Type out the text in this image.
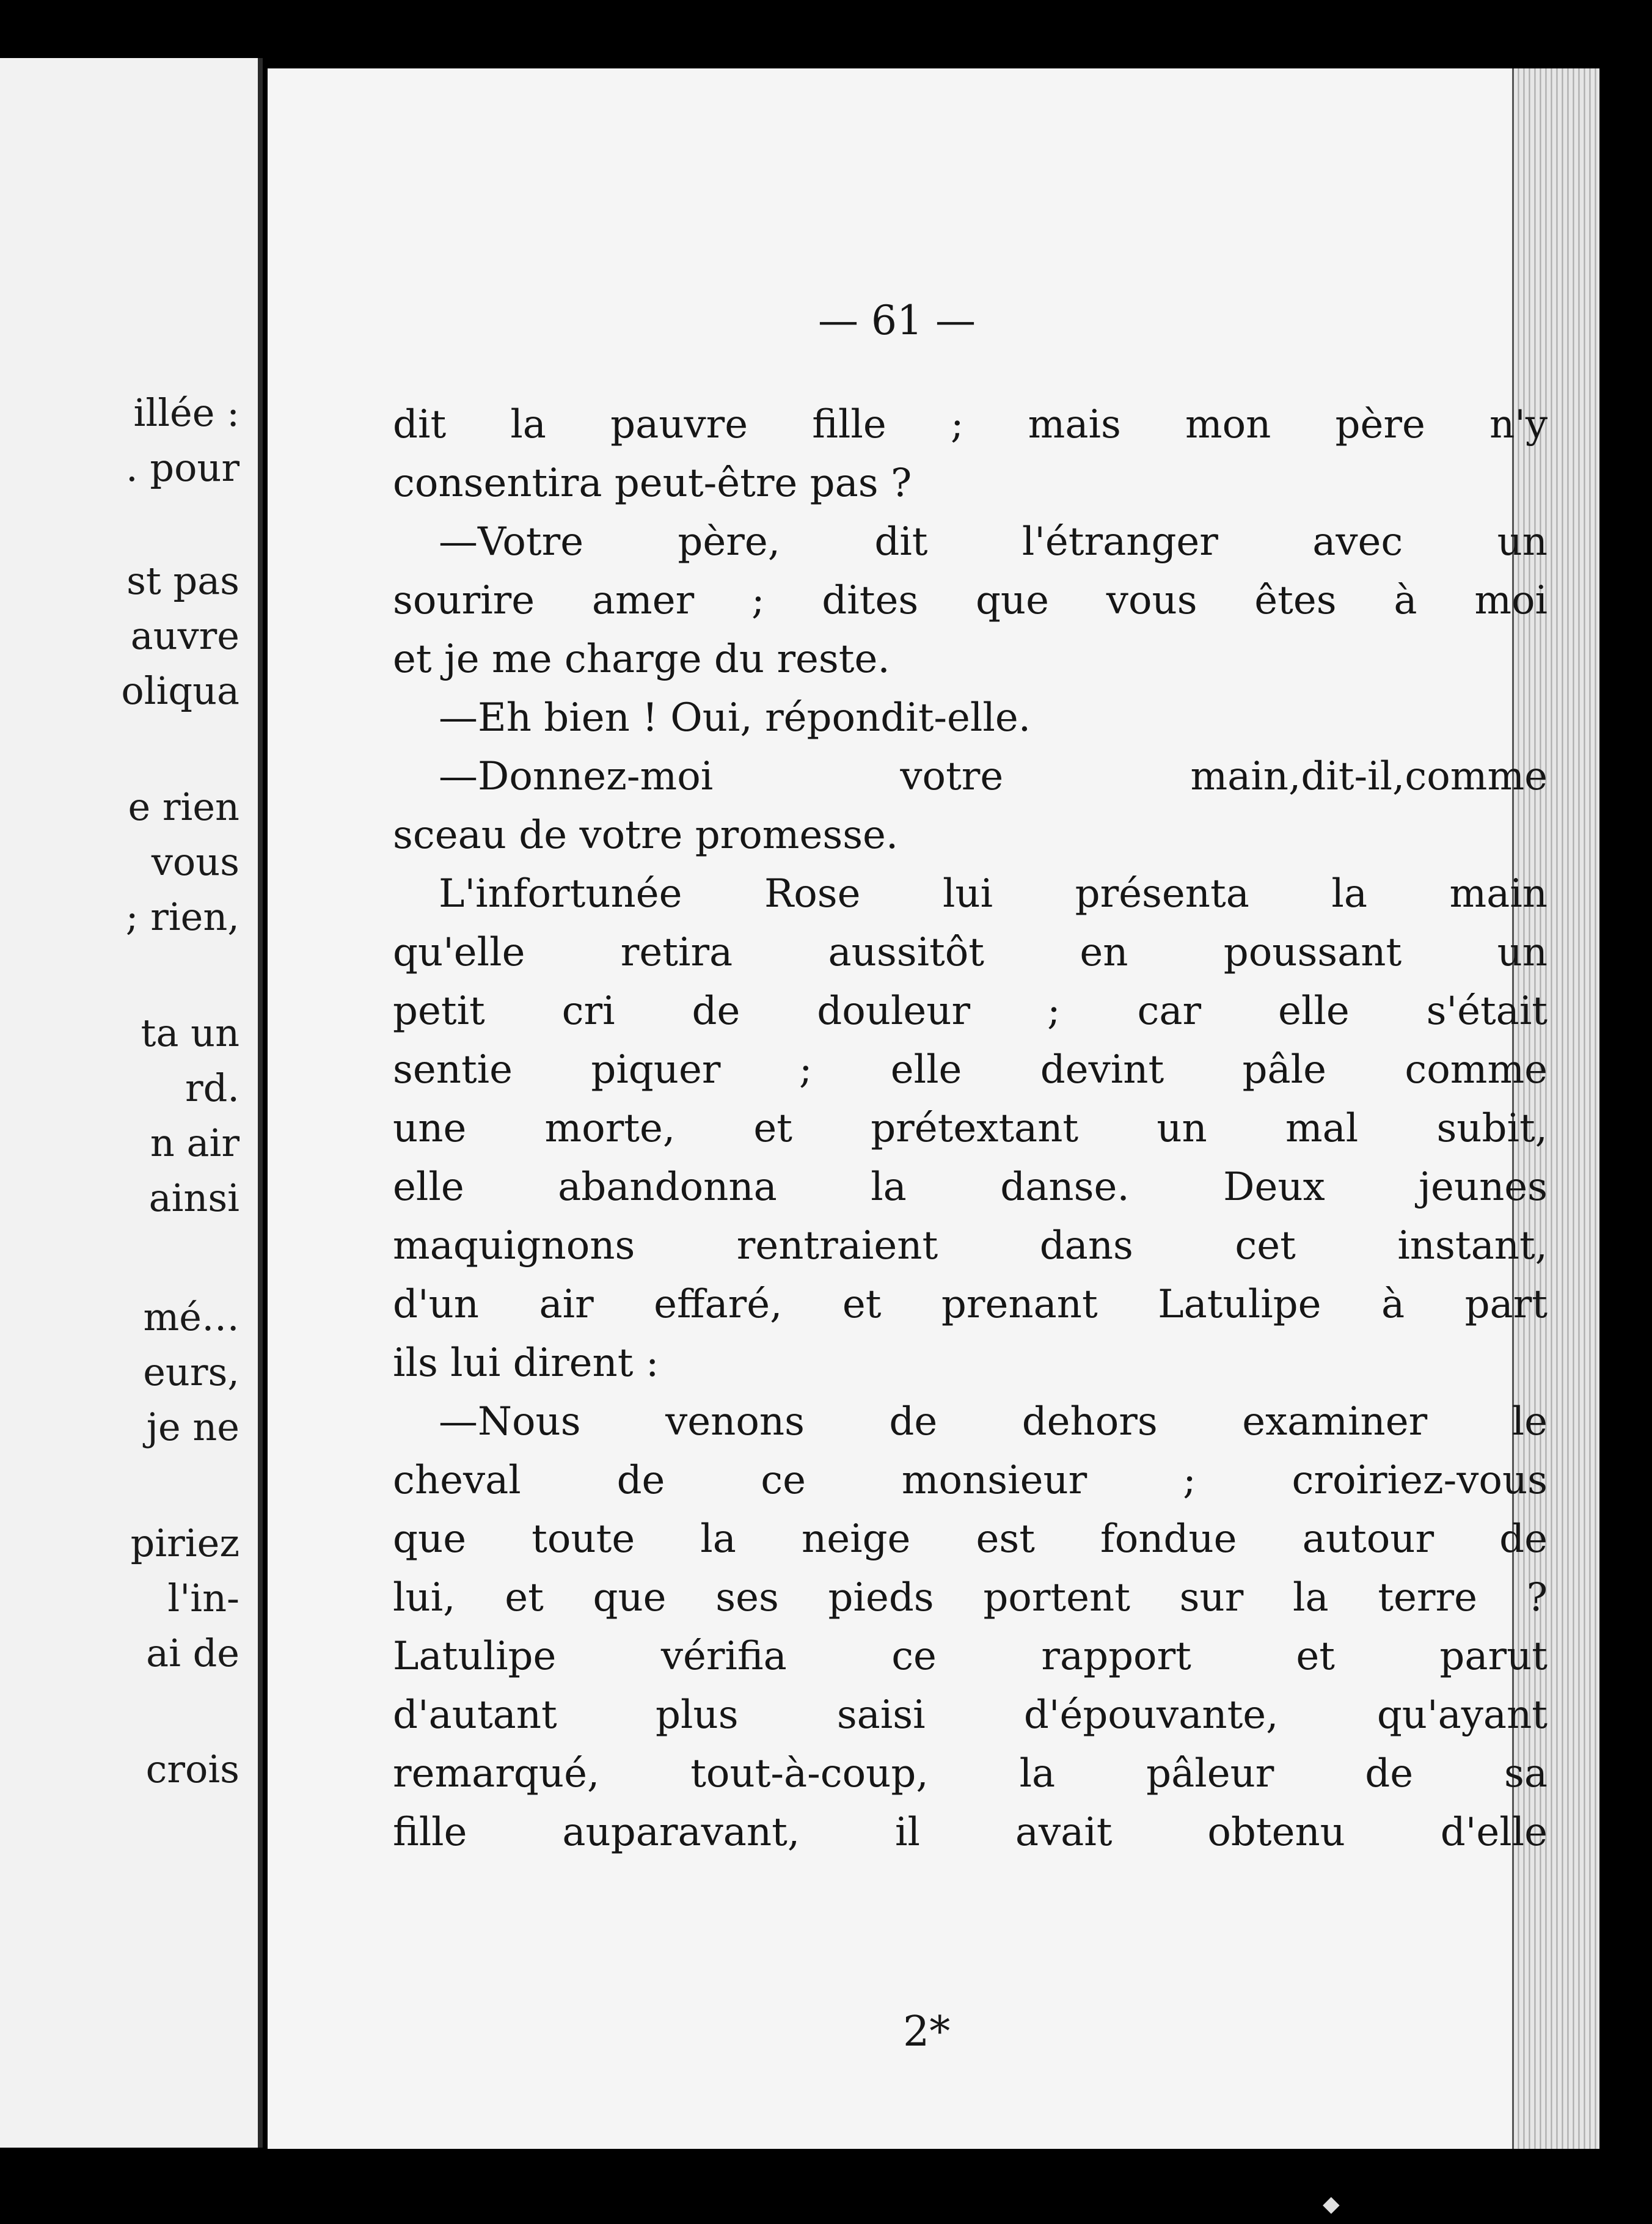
illée :
. pour
st pas
auvre
oliqua
e rien
vous
; rien,
ta un
rd.
n air
ainsi
mé…
eurs,
je ne
piriez
l'in-
ai de
crois
— 61 —
dit la pauvre fille ; mais mon père n'y
consentira peut-être pas ?
—Votre père, dit l'étranger avec un
sourire amer ; dites que vous êtes à moi
et je me charge du reste.
—Eh bien ! Oui, répondit-elle.
—Donnez-moi votre main,dit-il,comme
sceau de votre promesse.
L'infortunée Rose lui présenta la main
qu'elle retira aussitôt en poussant un
petit cri de douleur ; car elle s'était
sentie piquer ; elle devint pâle comme
une morte, et prétextant un mal subit,
elle abandonna la danse. Deux jeunes
maquignons rentraient dans cet instant,
d'un air effaré, et prenant Latulipe à part
ils lui dirent :
—Nous venons de dehors examiner le
cheval de ce monsieur ; croiriez-vous
que toute la neige est fondue autour de
lui, et que ses pieds portent sur la terre ?
Latulipe vérifia ce rapport et parut
d'autant plus saisi d'épouvante, qu'ayant
remarqué, tout-à-coup, la pâleur de sa
fille auparavant, il avait obtenu d'elle
2*
◆
